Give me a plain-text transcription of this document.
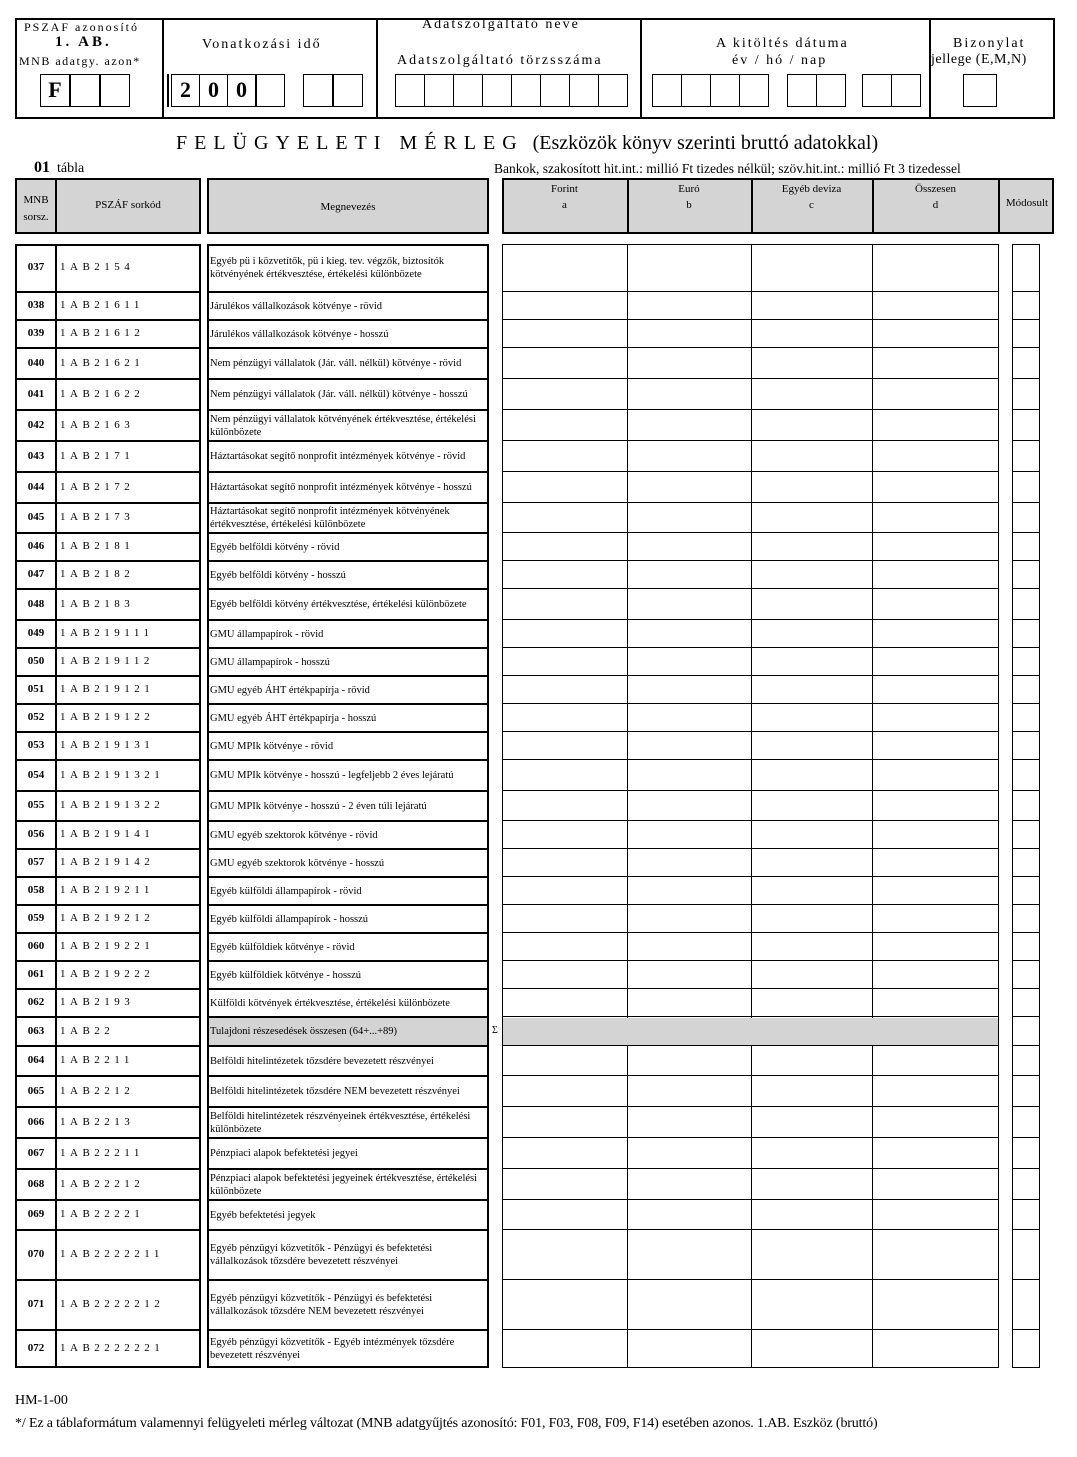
PSZAF azonosító
1. AB.
MNB adatgy. azon*
F
Vonatkozási idő
2 0 0
Adatszolgáltató neve
Adatszolgáltató törzsszáma
A kitöltés dátuma
év / hó / nap
Bizonylat
jellege (E,M,N)
FELÜGYELETI MÉRLEG (Eszközök könyv szerinti bruttó adatokkal)
01 tábla	Bankok, szakosított hit.int.: millió Ft tizedes nélkül; szöv.hit.int.: millió Ft 3 tizedessel
MNB sorsz.
PSZÁF sorkód	Megnevezés
Forint
a
Euró
b
Egyéb deviza
c
Összesen
d	Módosult
037	1AB2154	Egyéb pü i közvetítők, pü i kieg. tev. végzők, biztosítók kötvényének értékvesztése, értékelési különbözete
038	1AB21611	Járulékos vállalkozások kötvénye - rövid
039	1AB21612	Járulékos vállalkozások kötvénye - hosszú
040	1AB21621	Nem pénzügyi vállalatok (Jár. váll. nélkül) kötvénye - rövid
041	1AB21622	Nem pénzügyi vállalatok (Jár. váll. nélkül) kötvénye - hosszú
042	1AB2163	Nem pénzügyi vállalatok kötvényének értékvesztése, értékelési különbözete
043	1AB2171	Háztartásokat segítő nonprofit intézmények kötvénye - rövid
044	1AB2172	Háztartásokat segítő nonprofit intézmények kötvénye - hosszú
045	1AB2173	Háztartásokat segítő nonprofit intézmények kötvényének értékvesztése, értékelési különbözete
046	1AB2181	Egyéb belföldi kötvény - rövid
047	1AB2182	Egyéb belföldi kötvény - hosszú
048	1AB2183	Egyéb belföldi kötvény értékvesztése, értékelési különbözete
049	1AB219111	GMU állampapírok - rövid
050	1AB219112	GMU állampapírok - hosszú
051	1AB219121	GMU egyéb ÁHT értékpapírja - rövid
052	1AB219122	GMU egyéb ÁHT értékpapírja - hosszú
053	1AB219131	GMU MPIk kötvénye - rövid
054	1AB2191321	GMU MPIk kötvénye - hosszú - legfeljebb 2 éves lejáratú
055	1AB2191322	GMU MPIk kötvénye - hosszú - 2 éven túli lejáratú
056	1AB219141	GMU egyéb szektorok kötvénye - rövid
057	1AB219142	GMU egyéb szektorok kötvénye - hosszú
058	1AB219211	Egyéb külföldi állampapírok - rövid
059	1AB219212	Egyéb külföldi állampapírok - hosszú
060	1AB219221	Egyéb külföldiek kötvénye - rövid
061	1AB219222	Egyéb külföldiek kötvénye - hosszú
062	1AB2193	Külföldi kötvények értékvesztése, értékelési különbözete
Σ
063	1AB22	Tulajdoni részesedések összesen (64+...+89)
064	1AB2211	Belföldi hitelintézetek tőzsdére bevezetett részvényei
065	1AB2212	Belföldi hitelintézetek tőzsdére NEM bevezetett részvényei
066	1AB2213	Belföldi hitelintézetek részvényeinek értékvesztése, értékelési különbözete
067	1AB22211	Pénzpiaci alapok befektetési jegyei
068	1AB22212	Pénzpiaci alapok befektetési jegyeinek értékvesztése, értékelési különbözete
069	1AB22221	Egyéb befektetési jegyek
070	1AB2222211	Egyéb pénzügyi közvetítők - Pénzügyi és befektetési vállalkozások tőzsdére bevezetett részvényei
071	1AB2222212	Egyéb pénzügyi közvetítők - Pénzügyi és befektetési vállalkozások tőzsdére NEM bevezetett részvényei
072	1AB2222221	Egyéb pénzügyi közvetítők - Egyéb intézmények tőzsdére bevezetett részvényei
HM-1-00
*/ Ez a táblaformátum valamennyi felügyeleti mérleg változat (MNB adatgyűjtés azonosító: F01, F03, F08, F09, F14) esetében azonos. 1.AB. Eszköz (bruttó)
